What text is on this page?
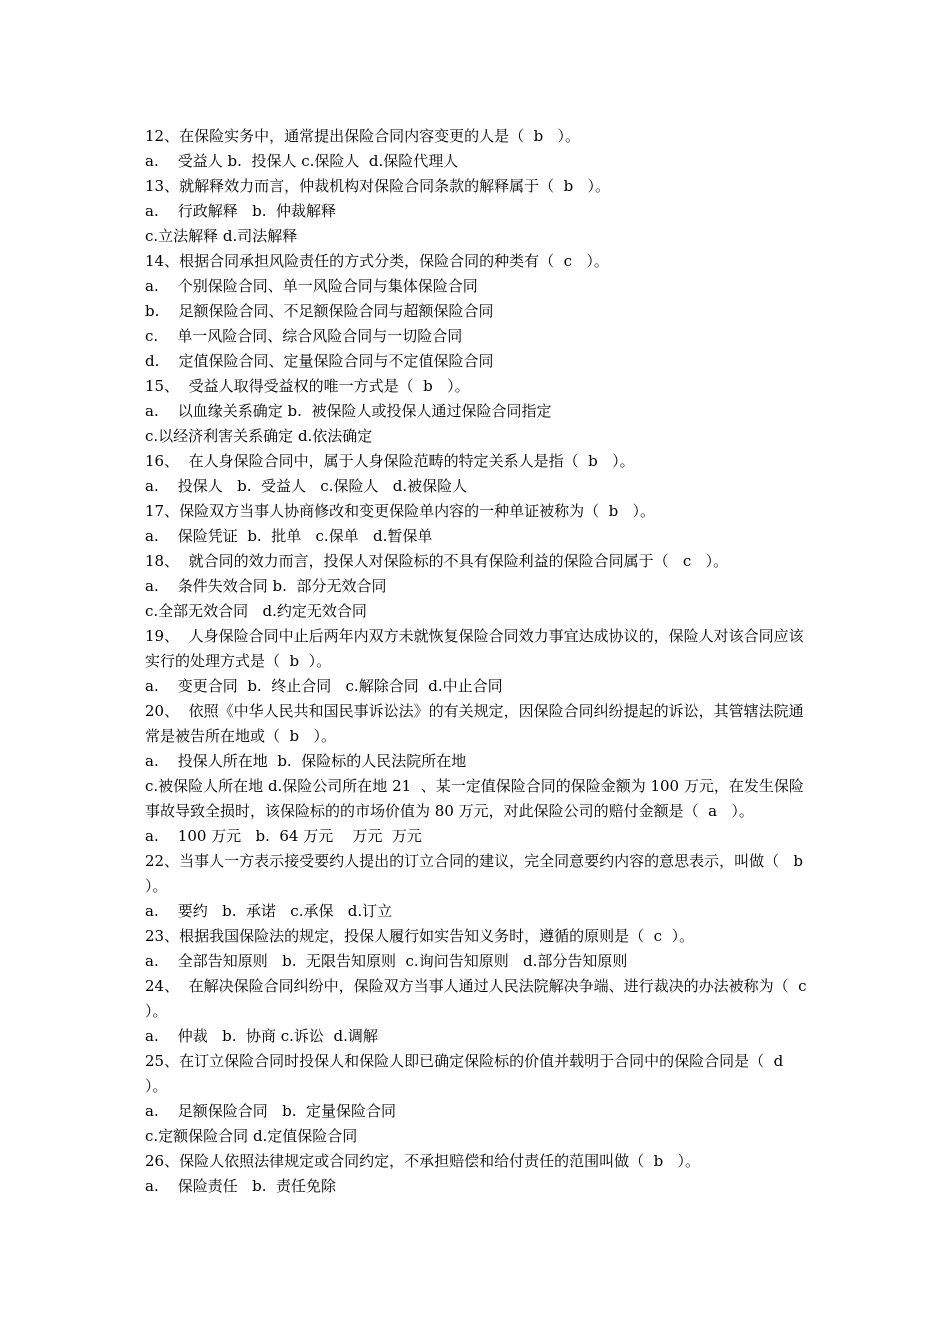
12、在保险实务中，通常提出保险合同内容变更的人是（  b   ）。
a.    受益人 b.  投保人 c.保险人  d.保险代理人
13、就解释效力而言，仲裁机构对保险合同条款的解释属于（  b   ）。
a.    行政解释   b.  仲裁解释
c.立法解释 d.司法解释
14、根据合同承担风险责任的方式分类，保险合同的种类有（  c   ）。
a.    个别保险合同、单一风险合同与集体保险合同
b.    足额保险合同、不足额保险合同与超额保险合同
c.    单一风险合同、综合风险合同与一切险合同
d.    定值保险合同、定量保险合同与不定值保险合同
15、  受益人取得受益权的唯一方式是（  b   ）。
a.    以血缘关系确定 b.  被保险人或投保人通过保险合同指定
c.以经济利害关系确定 d.依法确定
16、  在人身保险合同中，属于人身保险范畴的特定关系人是指（  b   ）。
a.    投保人   b.  受益人   c.保险人   d.被保险人
17、保险双方当事人协商修改和变更保险单内容的一种单证被称为（  b   ）。
a.    保险凭证  b.  批单   c.保单   d.暂保单
18、  就合同的效力而言，投保人对保险标的不具有保险利益的保险合同属于（   c   ）。
a.    条件失效合同 b.  部分无效合同
c.全部无效合同   d.约定无效合同
19、  人身保险合同中止后两年内双方未就恢复保险合同效力事宜达成协议的，保险人对该合同应该实行的处理方式是（  b  ）。
a.    变更合同  b.  终止合同   c.解除合同  d.中止合同
20、  依照《中华人民共和国民事诉讼法》的有关规定，因保险合同纠纷提起的诉讼，其管辖法院通常是被告所在地或（  b   ）。
a.    投保人所在地  b.  保险标的人民法院所在地
c.被保险人所在地 d.保险公司所在地 21  、某一定值保险合同的保险金额为 100 万元，在发生保险事故导致全损时，该保险标的的市场价值为 80 万元，对此保险公司的赔付金额是（  a   ）。
a.    100 万元   b.  64 万元    万元  万元
22、当事人一方表示接受要约人提出的订立合同的建议，完全同意要约内容的意思表示，叫做（   b  ）。
a.    要约   b.  承诺   c.承保   d.订立
23、根据我国保险法的规定，投保人履行如实告知义务时，遵循的原则是（  c  ）。
a.    全部告知原则   b.  无限告知原则  c.询问告知原则   d.部分告知原则
24、  在解决保险合同纠纷中，保险双方当事人通过人民法院解决争端、进行裁决的办法被称为（  c   ）。
a.    仲裁   b.  协商 c.诉讼  d.调解
25、在订立保险合同时投保人和保险人即已确定保险标的价值并载明于合同中的保险合同是（  d   ）。
a.    足额保险合同   b.  定量保险合同
c.定额保险合同 d.定值保险合同
26、保险人依照法律规定或合同约定，不承担赔偿和给付责任的范围叫做（  b   ）。
a.    保险责任   b.  责任免除
